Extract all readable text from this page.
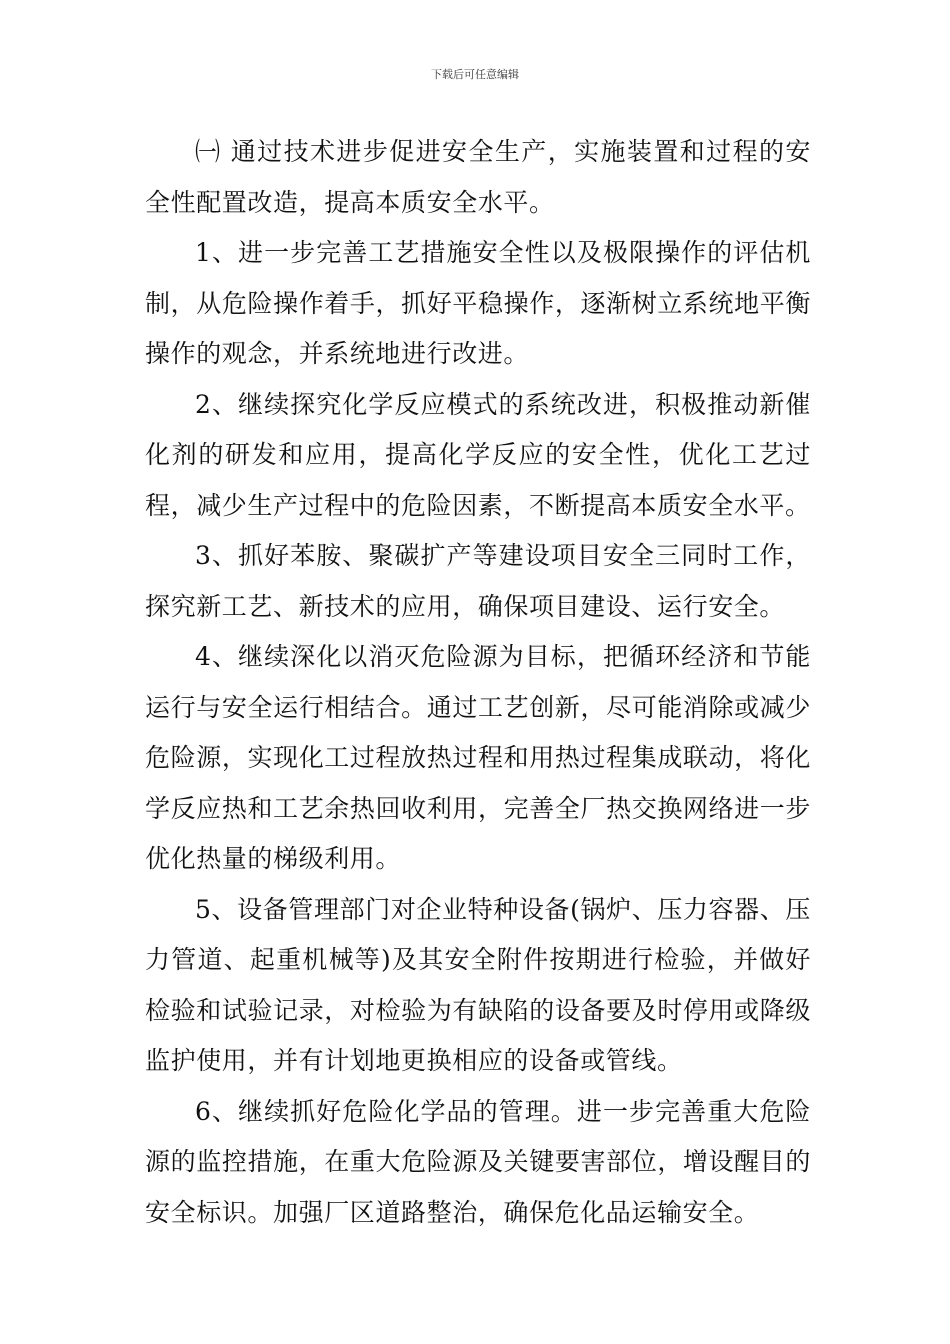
下载后可任意编辑

㈠ 通过技术进步促进安全生产，实施装置和过程的安全性配置改造，提高本质安全水平。

1、进一步完善工艺措施安全性以及极限操作的评估机制，从危险操作着手，抓好平稳操作，逐渐树立系统地平衡操作的观念，并系统地进行改进。

2、继续探究化学反应模式的系统改进，积极推动新催化剂的研发和应用，提高化学反应的安全性，优化工艺过程，减少生产过程中的危险因素，不断提高本质安全水平。

3、抓好苯胺、聚碳扩产等建设项目安全三同时工作，探究新工艺、新技术的应用，确保项目建设、运行安全。

4、继续深化以消灭危险源为目标，把循环经济和节能运行与安全运行相结合。通过工艺创新，尽可能消除或减少危险源，实现化工过程放热过程和用热过程集成联动，将化学反应热和工艺余热回收利用，完善全厂热交换网络进一步优化热量的梯级利用。

5、设备管理部门对企业特种设备(锅炉、压力容器、压力管道、起重机械等)及其安全附件按期进行检验，并做好检验和试验记录，对检验为有缺陷的设备要及时停用或降级监护使用，并有计划地更换相应的设备或管线。

6、继续抓好危险化学品的管理。进一步完善重大危险源的监控措施，在重大危险源及关键要害部位，增设醒目的安全标识。加强厂区道路整治，确保危化品运输安全。
